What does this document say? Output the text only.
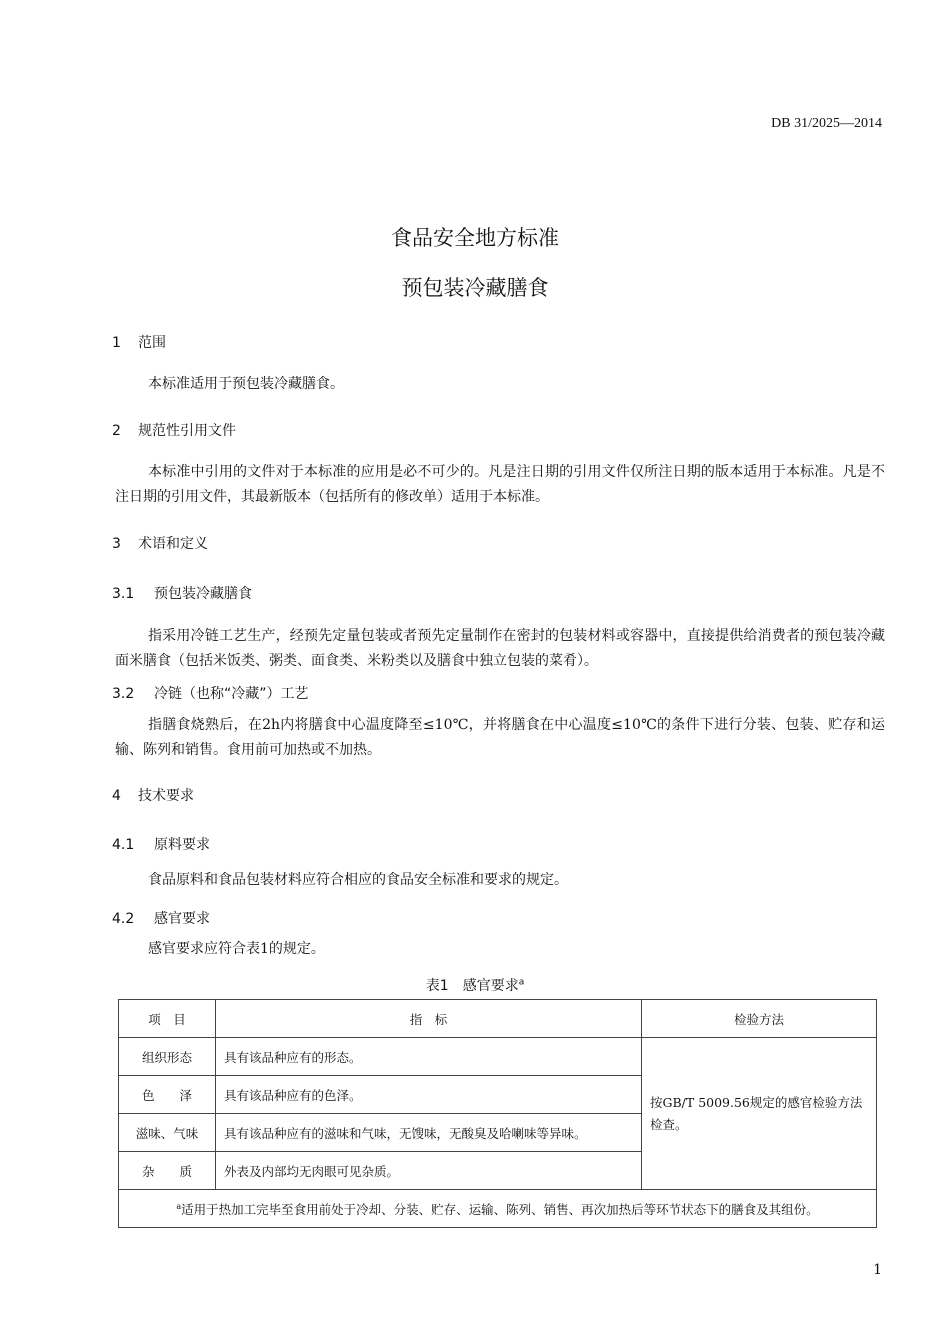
DB 31/2025—2014
食品安全地方标准
预包装冷藏膳食
1 范围
本标准适用于预包装冷藏膳食。
2 规范性引用文件
本标准中引用的文件对于本标准的应用是必不可少的。凡是注日期的引用文件仅所注日期的版本适用于本标准。凡是不注日期的引用文件，其最新版本（包括所有的修改单）适用于本标准。
3 术语和定义
3.1 预包装冷藏膳食
指采用冷链工艺生产，经预先定量包装或者预先定量制作在密封的包装材料或容器中，直接提供给消费者的预包装冷藏面米膳食（包括米饭类、粥类、面食类、米粉类以及膳食中独立包装的菜肴）。
3.2 冷链（也称“冷藏”）工艺
指膳食烧熟后，在2h内将膳食中心温度降至≤10℃，并将膳食在中心温度≤10℃的条件下进行分装、包装、贮存和运输、陈列和销售。食用前可加热或不加热。
4 技术要求
4.1 原料要求
食品原料和食品包装材料应符合相应的食品安全标准和要求的规定。
4.2 感官要求
感官要求应符合表1的规定。
表1　感官要求$^a$
项　目	指　标	检验方法
组织形态	具有该品种应有的形态。	按GB/T 5009.56规定的感官检验方法检查。
色　　泽	具有该品种应有的色泽。	
滋味、气味	具有该品种应有的滋味和气味，无馊味，无酸臭及哈喇味等异味。	
杂　　质	外表及内部均无肉眼可见杂质。	
$^a$适用于热加工完毕至食用前处于冷却、分装、贮存、运输、陈列、销售、再次加热后等环节状态下的膳食及其组份。		
1
